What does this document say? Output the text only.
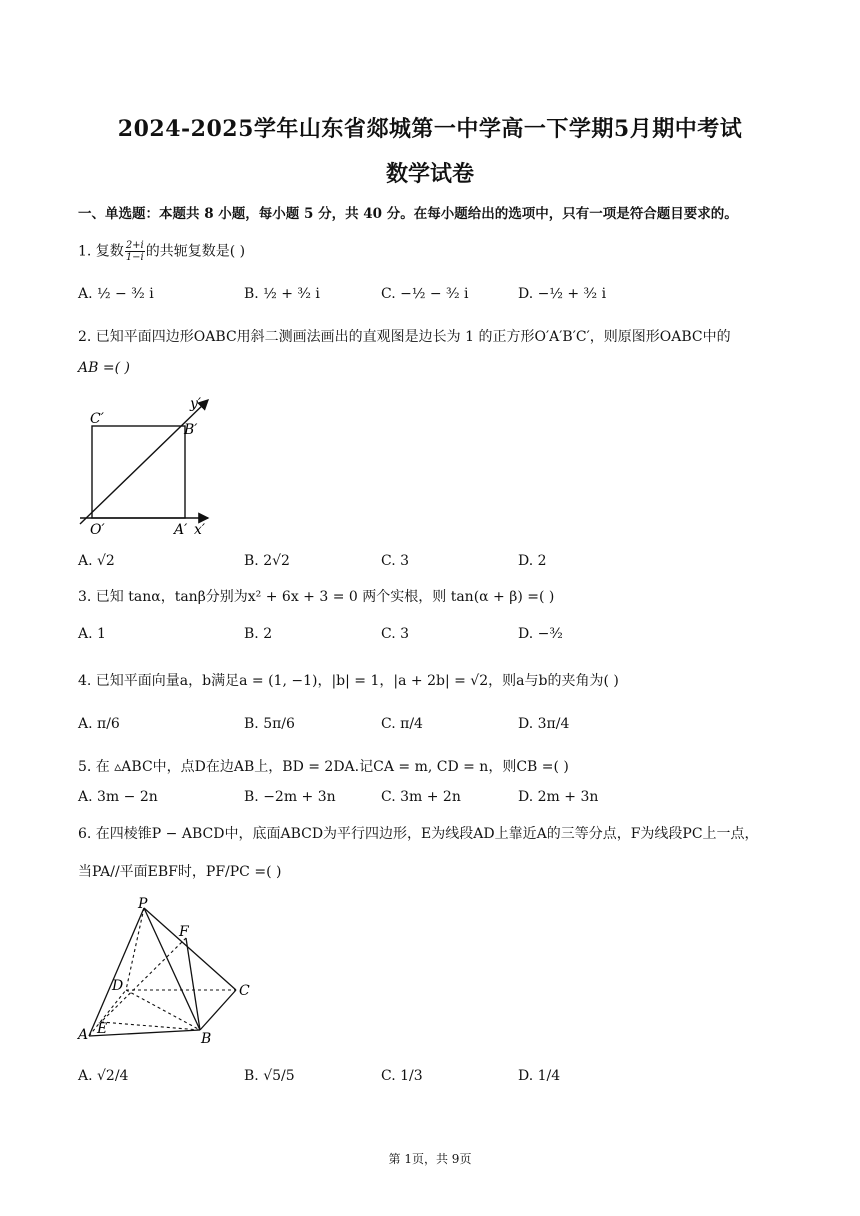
2024-2025学年山东省郯城第一中学高一下学期5月期中考试
数学试卷
一、单选题：本题共 8 小题，每小题 5 分，共 40 分。在每小题给出的选项中，只有一项是符合题目要求的。
1. 复数 $\frac{2+i}{1-i}$ 的共轭复数是( )
A. ½ − ³⁄₂ i	B. ½ + ³⁄₂ i	C. −½ − ³⁄₂ i	D. −½ + ³⁄₂ i
2. 已知平面四边形OABC用斜二测画法画出的直观图是边长为 1 的正方形O′A′B′C′，则原图形OABC中的
AB =( )
C′
B′
O′	A′ x′
y′
A. √2	B. 2√2	C. 3	D. 2
3. 已知 tanα，tanβ分别为x² + 6x + 3 = 0 两个实根，则 tan(α + β) =( )
A. 1	B. 2	C. 3	D. −³⁄₂
4. 已知平面向量a，b满足a = (1, −1)，|b| = 1，|a + 2b| = √2，则a与b的夹角为( )
A. π/6	B. 5π/6	C. π/4	D. 3π/4
5. 在 ▵ABC中，点D在边AB上，BD = 2DA.记CA = m, CD = n，则CB =( )
A. 3m − 2n	B. −2m + 3n	C. 3m + 2n	D. 2m + 3n
6. 在四棱锥P − ABCD中，底面ABCD为平行四边形，E为线段AD上靠近A的三等分点，F为线段PC上一点，
当PA//平面EBF时，PF/PC =( )
P
F
D	C
A E
B
A. √2/4	B. √5/5	C. 1/3	D. 1/4
第 1页，共 9页
